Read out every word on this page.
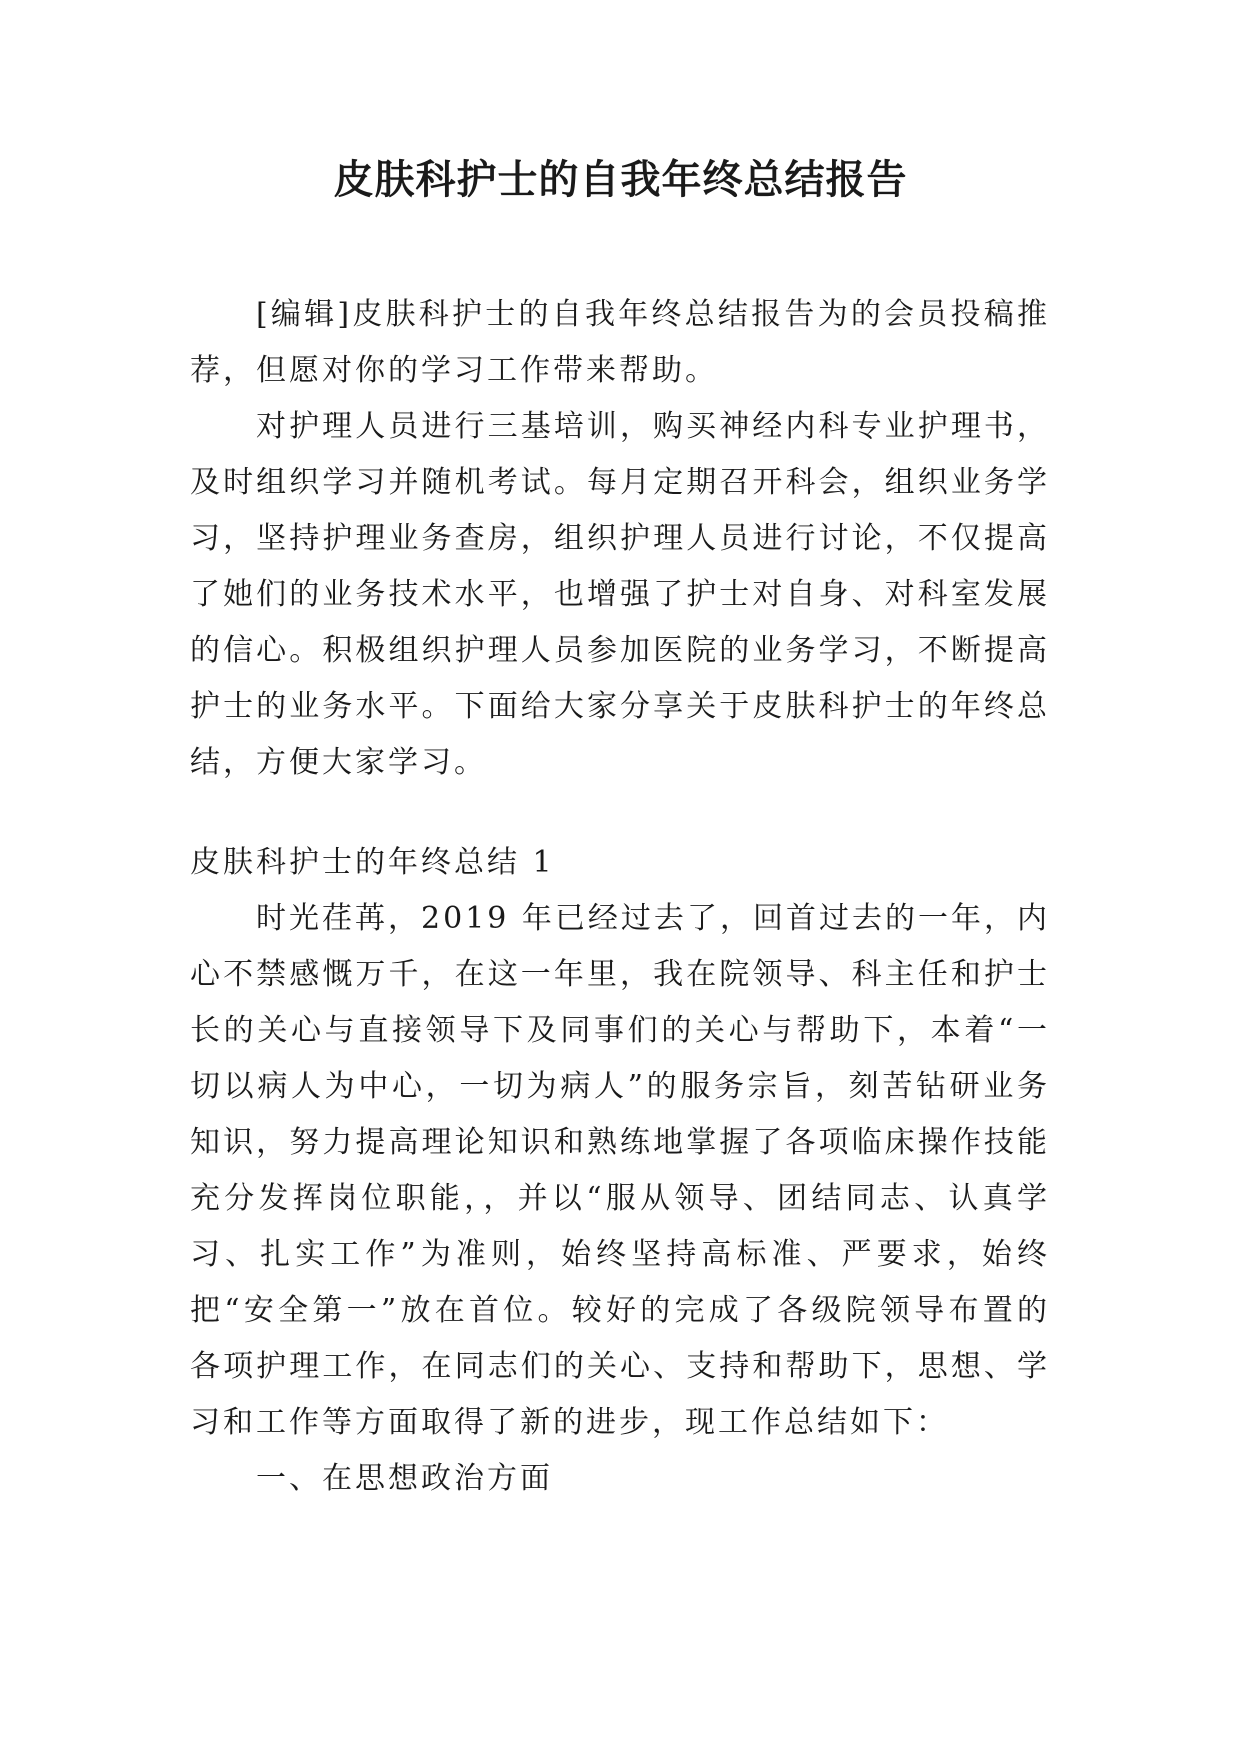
皮肤科护士的自我年终总结报告

[编辑]皮肤科护士的自我年终总结报告为的会员投稿推荐，但愿对你的学习工作带来帮助。

对护理人员进行三基培训，购买神经内科专业护理书，及时组织学习并随机考试。每月定期召开科会，组织业务学习，坚持护理业务查房，组织护理人员进行讨论，不仅提高了她们的业务技术水平，也增强了护士对自身、对科室发展的信心。积极组织护理人员参加医院的业务学习，不断提高护士的业务水平。下面给大家分享关于皮肤科护士的年终总结，方便大家学习。

皮肤科护士的年终总结 1

时光荏苒，2019 年已经过去了，回首过去的一年，内心不禁感慨万千，在这一年里，我在院领导、科主任和护士长的关心与直接领导下及同事们的关心与帮助下，本着“一切以病人为中心，一切为病人”的服务宗旨，刻苦钻研业务知识，努力提高理论知识和熟练地掌握了各项临床操作技能充分发挥岗位职能，，并以“服从领导、团结同志、认真学习、扎实工作”为准则，始终坚持高标准、严要求，始终把“安全第一”放在首位。较好的完成了各级院领导布置的各项护理工作，在同志们的关心、支持和帮助下，思想、学习和工作等方面取得了新的进步，现工作总结如下：

一、在思想政治方面
